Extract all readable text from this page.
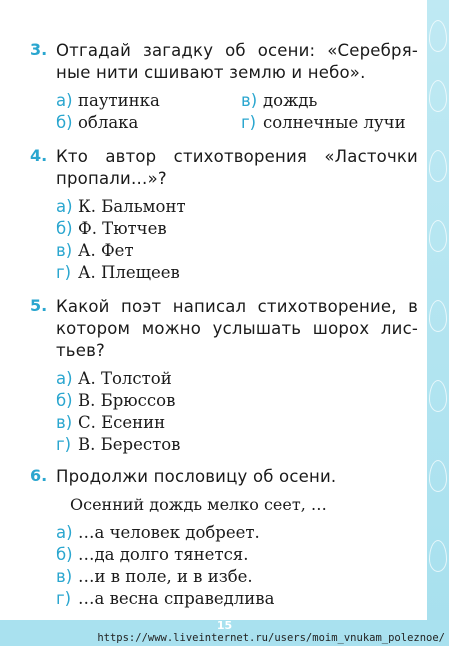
3. Отгадай загадку об осени: «Серебря-ные нити сшивают землю и небо».
а) паутинка	в) дождь
б) облака	г) солнечные лучи
4. Кто автор стихотворения «Ласточки пропали…»?
а) К. Бальмонт
б) Ф. Тютчев
в) А. Фет
г) А. Плещеев
5. Какой поэт написал стихотворение, в котором можно услышать шорох лис-тьев?
а) А. Толстой
б) В. Брюссов
в) С. Есенин
г) В. Берестов
6. Продолжи пословицу об осени.
Осенний дождь мелко сеет, …
а) …а человек добреет.
б) …да долго тянется.
в) …и в поле, и в избе.
г) …а весна справедлива
15
https://www.liveinternet.ru/users/moim_vnukam_poleznoe/
